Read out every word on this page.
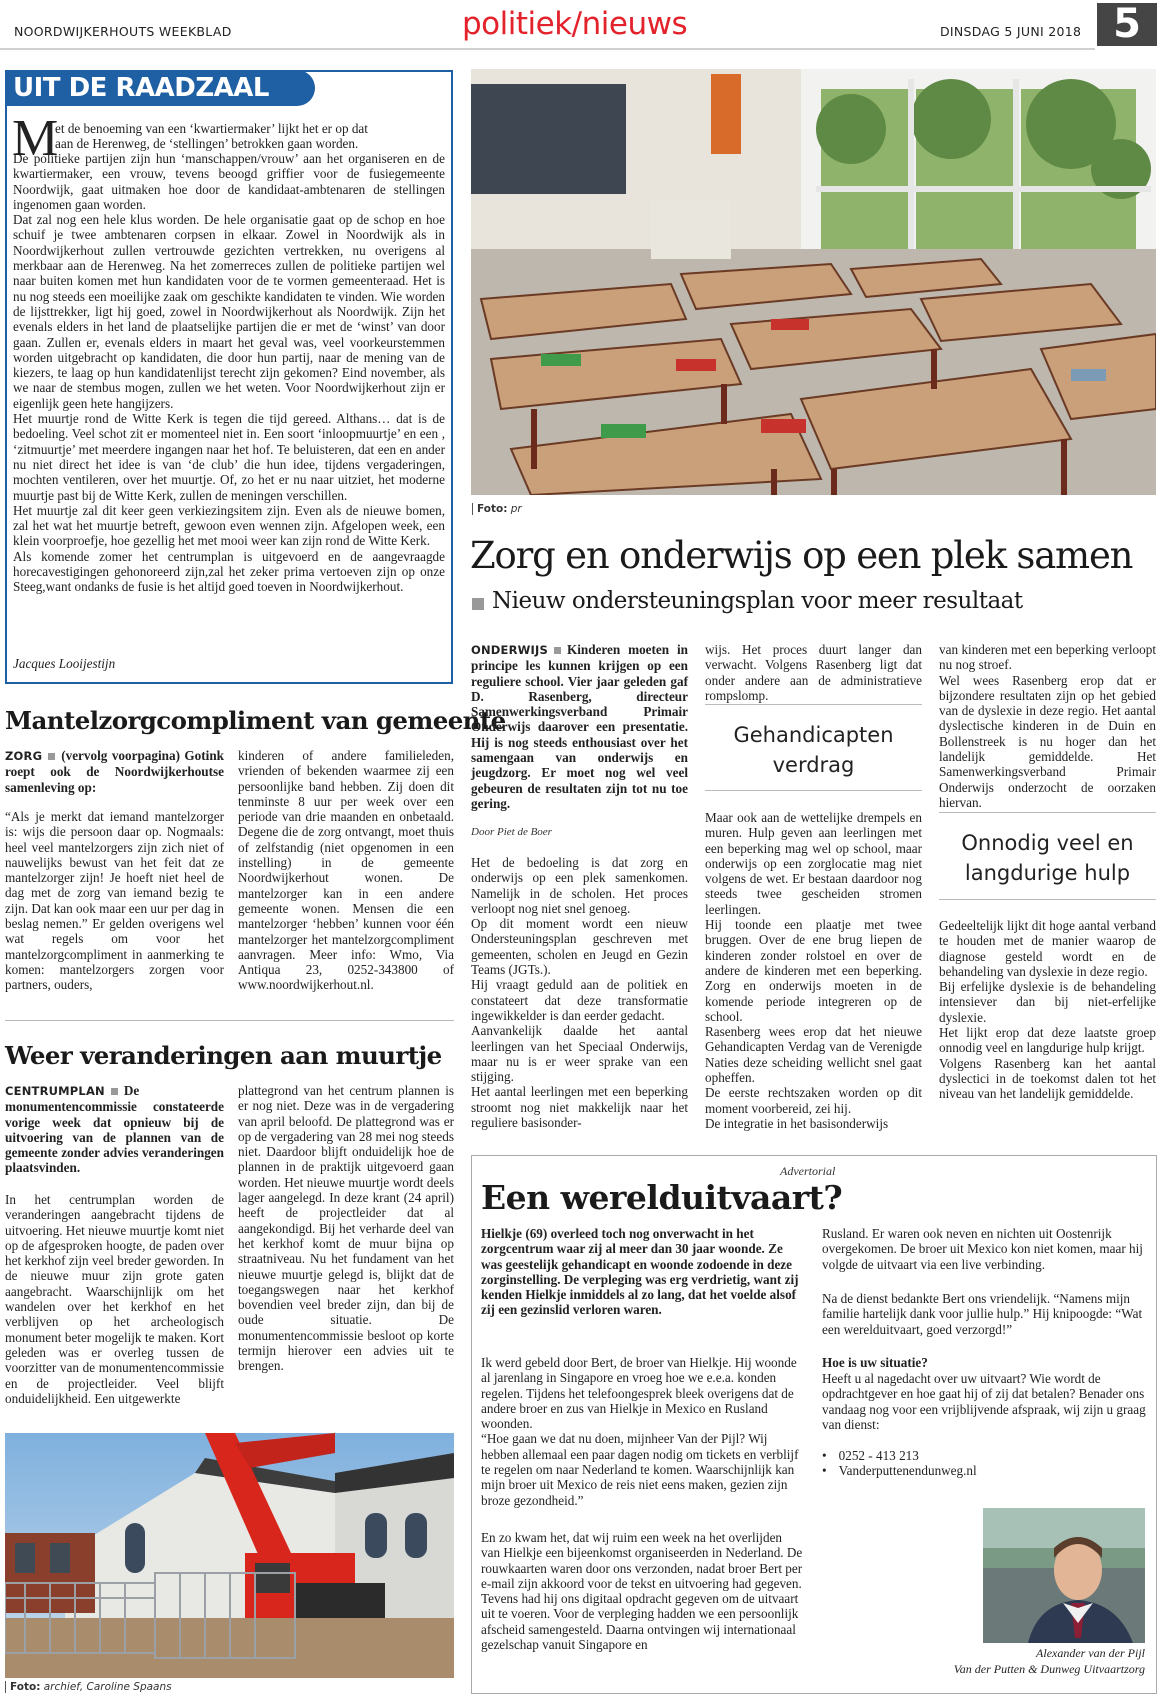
NOORDWIJKERHOUTS WEEKBLAD	politiek/nieuws	DINSDAG 5 JUNI 2018 5
UIT DE RAADZAAL
M
et de benoeming van een ‘kwartiermaker’ lijkt het er op dat
aan de Herenweg, de ‘stellingen’ betrokken gaan worden.
De politieke partijen zijn hun ‘manschappen/vrouw’ aan het organiseren en de kwartiermaker, een vrouw, tevens beoogd griffier voor de fusiegemeente Noordwijk, gaat uitmaken hoe door de kandidaat-ambtenaren de stellingen ingenomen gaan worden.
Dat zal nog een hele klus worden. De hele organisatie gaat op de schop en hoe schuif je twee ambtenaren corpsen in elkaar. Zowel in Noordwijk als in Noordwijkerhout zullen vertrouwde gezichten vertrekken, nu overigens al merkbaar aan de Herenweg. Na het zomerreces zullen de politieke partijen wel naar buiten komen met hun kandidaten voor de te vormen gemeenteraad. Het is nu nog steeds een moeilijke zaak om geschikte kandidaten te vinden. Wie worden de lijsttrekker, ligt hij goed, zowel in Noordwijkerhout als Noordwijk. Zijn het evenals elders in het land de plaatselijke partijen die er met de ‘winst’ van door gaan. Zullen er, evenals elders in maart het geval was, veel voorkeurstemmen worden uitgebracht op kandidaten, die door hun partij, naar de mening van de kiezers, te laag op hun kandidatenlijst terecht zijn gekomen? Eind november, als we naar de stembus mogen, zullen we het weten. Voor Noordwijkerhout zijn er eigenlijk geen hete hangijzers.
Het muurtje rond de Witte Kerk is tegen die tijd gereed. Althans… dat is de bedoeling. Veel schot zit er momenteel niet in. Een soort ‘inloopmuurtje’ en een , ‘zitmuurtje’ met meerdere ingangen naar het hof. Te beluisteren, dat een en ander nu niet direct het idee is van ‘de club’ die hun idee, tijdens vergaderingen, mochten ventileren, over het muurtje. Of, zo het er nu naar uitziet, het moderne muurtje past bij de Witte Kerk, zullen de meningen verschillen.
Het muurtje zal dit keer geen verkiezingsitem zijn. Even als de nieuwe bomen, zal het wat het muurtje betreft, gewoon even wennen zijn. Afgelopen week, een klein voorproefje, hoe gezellig het met mooi weer kan zijn rond de Witte Kerk.
Als komende zomer het centrumplan is uitgevoerd en de aangevraagde horecavestigingen gehonoreerd zijn,zal het zeker prima vertoeven zijn op onze Steeg,want ondanks de fusie is het altijd goed toeven in Noordwijkerhout.
Jacques Looijestijn
Mantelzorgcompliment van gemeente

ZORG (vervolg voorpagina) Gotink roept ook de Noordwijkerhoutse samenleving op:

“Als je merkt dat iemand mantelzorger is: wijs die persoon daar op. Nogmaals: heel veel mantelzorgers zijn zich niet of nauwelijks bewust van het feit dat ze mantelzorger zijn! Je hoeft niet heel de dag met de zorg van iemand bezig te zijn. Dat kan ook maar een uur per dag in beslag nemen.” Er gelden overigens wel wat regels om voor het mantelzorgcompliment in aanmerking te komen: mantelzorgers zorgen voor partners, ouders,
kinderen of andere familieleden, vrienden of bekenden waarmee zij een persoonlijke band hebben. Zij doen dit tenminste 8 uur per week over een periode van drie maanden en onbetaald. Degene die de zorg ontvangt, moet thuis of zelfstandig (niet opgenomen in een instelling) in de gemeente Noordwijkerhout wonen. De mantelzorger kan in een andere gemeente wonen. Mensen die een mantelzorger ‘hebben’ kunnen voor één mantelzorger het mantelzorgcompliment aanvragen. Meer info: Wmo, Via Antiqua 23, 0252-343800 of www.noordwijkerhout.nl.
Weer veranderingen aan muurtje

CENTRUMPLAN De monumentencommissie constateerde vorige week dat opnieuw bij de uitvoering van de plannen van de gemeente zonder advies veranderingen plaatsvinden.

In het centrumplan worden de veranderingen aangebracht tijdens de uitvoering. Het nieuwe muurtje komt niet op de afgesproken hoogte, de paden over het kerkhof zijn veel breder geworden. In de nieuwe muur zijn grote gaten aangebracht. Waarschijnlijk om het wandelen over het kerkhof en het verblijven op het archeologisch monument beter mogelijk te maken. Kort geleden was er overleg tussen de voorzitter van de monumentencommissie en de projectleider. Veel blijft onduidelijkheid. Een uitgewerkte
plattegrond van het centrum plannen is er nog niet. Deze was in de vergadering van april beloofd. De plattegrond was er op de vergadering van 28 mei nog steeds niet. Daardoor blijft onduidelijk hoe de plannen in de praktijk uitgevoerd gaan worden. Het nieuwe muurtje wordt deels lager aangelegd. In deze krant (24 april) heeft de projectleider dat al aangekondigd. Bij het verharde deel van het kerkhof komt de muur bijna op straatniveau. Nu het fundament van het nieuwe muurtje gelegd is, blijkt dat de toegangswegen naar het kerkhof bovendien veel breder zijn, dan bij de oude situatie. De monumentencommissie besloot op korte termijn hierover een advies uit te brengen.
Foto: archief, Caroline Spaans
Foto: pr
Zorg en onderwijs op een plek samen
Nieuw ondersteuningsplan voor meer resultaat

ONDERWIJS Kinderen moeten in principe les kunnen krijgen op een reguliere school. Vier jaar geleden gaf D. Rasenberg, directeur Samenwerkingsverband Primair Onderwijs daarover een presentatie. Hij is nog steeds enthousiast over het samengaan van onderwijs en jeugdzorg. Er moet nog wel veel gebeuren de resultaten zijn tot nu toe gering.

Door Piet de Boer
Het de bedoeling is dat zorg en onderwijs op een plek samenkomen. Namelijk in de scholen. Het proces verloopt nog niet snel genoeg.
Op dit moment wordt een nieuw Ondersteuningsplan geschreven met gemeenten, scholen en Jeugd en Gezin Teams (JGTs.).
Hij vraagt geduld aan de politiek en constateert dat deze transformatie ingewikkelder is dan eerder gedacht.
Aanvankelijk daalde het aantal leerlingen van het Speciaal Onderwijs, maar nu is er weer sprake van een stijging.
Het aantal leerlingen met een beperking stroomt nog niet makkelijk naar het reguliere basisonder-
wijs. Het proces duurt langer dan verwacht. Volgens Rasenberg ligt dat onder andere aan de administratieve rompslomp.
Gehandicapten verdrag
Maar ook aan de wettelijke drempels en muren. Hulp geven aan leerlingen met een beperking mag wel op school, maar onderwijs op een zorglocatie mag niet volgens de wet. Er bestaan daardoor nog steeds twee gescheiden stromen leerlingen.
Hij toonde een plaatje met twee bruggen. Over de ene brug liepen de kinderen zonder rolstoel en over de andere de kinderen met een beperking. Zorg en onderwijs moeten in de komende periode integreren op de school.
Rasenberg wees erop dat het nieuwe Gehandicapten Verdag van de Verenigde Naties deze scheiding wellicht snel gaat opheffen.
De eerste rechtszaken worden op dit moment voorbereid, zei hij.
De integratie in het basisonderwijs
van kinderen met een beperking verloopt nu nog stroef.
Wel wees Rasenberg erop dat er bijzondere resultaten zijn op het gebied van de dyslexie in deze regio. Het aantal dyslectische kinderen in de Duin en Bollenstreek is nu hoger dan het landelijk gemiddelde. Het Samenwerkingsverband Primair Onderwijs onderzocht de oorzaken hiervan.
Onnodig veel en langdurige hulp
Gedeeltelijk lijkt dit hoge aantal verband te houden met de manier waarop de diagnose gesteld wordt en de behandeling van dyslexie in deze regio.
Bij erfelijke dyslexie is de behandeling intensiever dan bij niet-erfelijke dyslexie.
Het lijkt erop dat deze laatste groep onnodig veel en langdurige hulp krijgt.
Volgens Rasenberg kan het aantal dyslectici in de toekomst dalen tot het niveau van het landelijk gemiddelde.
Advertorial
Een werelduitvaart?
Hielkje (69) overleed toch nog onverwacht in het zorgcentrum waar zij al meer dan 30 jaar woonde. Ze was geestelijk gehandicapt en woonde zodoende in deze zorginstelling. De verpleging was erg verdrietig, want zij kenden Hielkje inmiddels al zo lang, dat het voelde alsof zij een gezinslid verloren waren.
Ik werd gebeld door Bert, de broer van Hielkje. Hij woonde al jarenlang in Singapore en vroeg hoe we e.e.a. konden regelen. Tijdens het telefoongesprek bleek overigens dat de andere broer en zus van Hielkje in Mexico en Rusland woonden.
“Hoe gaan we dat nu doen, mijnheer Van der Pijl? Wij hebben allemaal een paar dagen nodig om tickets en verblijf te regelen om naar Nederland te komen. Waarschijnlijk kan mijn broer uit Mexico de reis niet eens maken, gezien zijn broze gezondheid.”
En zo kwam het, dat wij ruim een week na het overlijden van Hielkje een bijeenkomst organiseerden in Nederland. De rouwkaarten waren door ons verzonden, nadat broer Bert per e-mail zijn akkoord voor de tekst en uitvoering had gegeven. Tevens had hij ons digitaal opdracht gegeven om de uitvaart uit te voeren. Voor de verpleging hadden we een persoonlijk afscheid samengesteld. Daarna ontvingen wij internationaal gezelschap vanuit Singapore en
Rusland. Er waren ook neven en nichten uit Oostenrijk overgekomen. De broer uit Mexico kon niet komen, maar hij volgde de uitvaart via een live verbinding.
Na de dienst bedankte Bert ons vriendelijk. “Namens mijn familie hartelijk dank voor jullie hulp.” Hij knipoogde: “Wat een werelduitvaart, goed verzorgd!”
Hoe is uw situatie?
Heeft u al nagedacht over uw uitvaart? Wie wordt de opdrachtgever en hoe gaat hij of zij dat betalen? Benader ons vandaag nog voor een vrijblijvende afspraak, wij zijn u graag van dienst:
• 0252 - 413 213
• Vanderputtenendunweg.nl
Alexander van der Pijl
Van der Putten & Dunweg Uitvaartzorg
